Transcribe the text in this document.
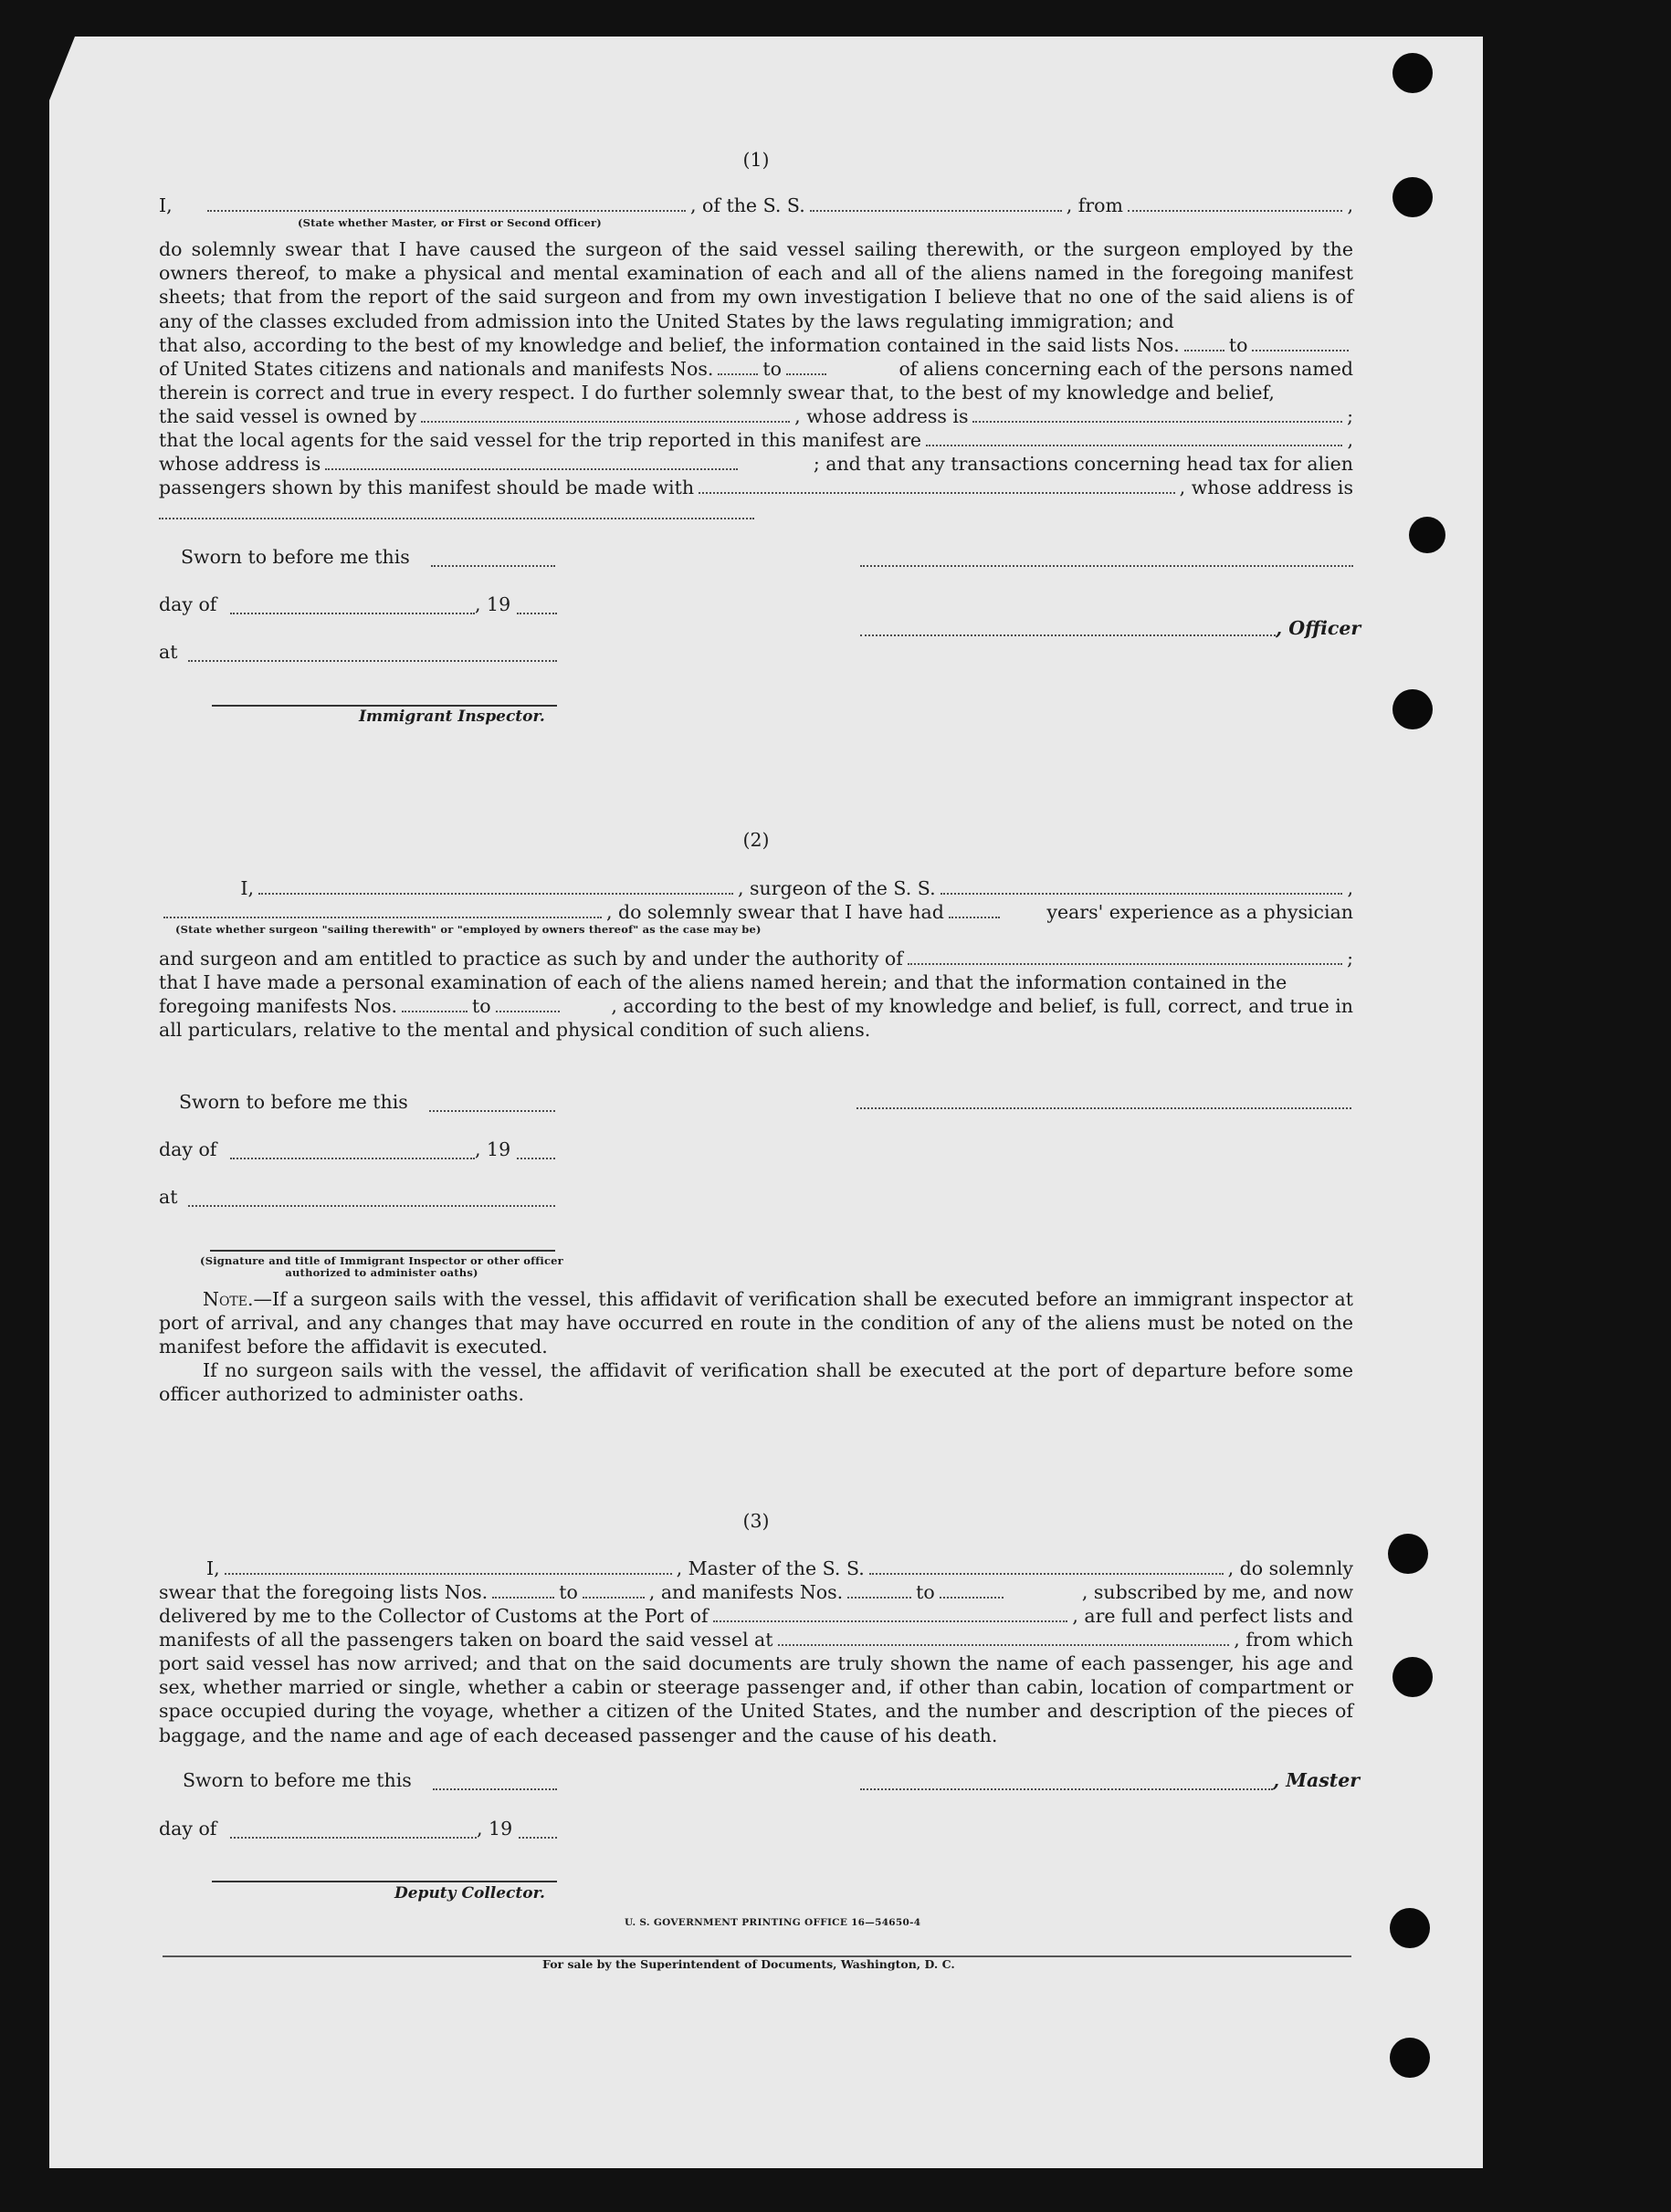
(1)
I,	, of the S. S.	, from	,
(State whether Master, or First or Second Officer)
do solemnly swear that I have caused the surgeon of the said vessel sailing therewith, or the surgeon employed by the owners thereof, to make a physical and mental examination of each and all of the aliens named in the foregoing manifest sheets; that from the report of the said surgeon and from my own investigation I believe that no one of the said aliens is of any of the classes excluded from admission into the United States by the laws regulating immigration; and
that also, according to the best of my knowledge and belief, the information contained in the said lists Nos.	to
of United States citizens and nationals and manifests Nos.	to	of aliens concerning each of the persons named
therein is correct and true in every respect. I do further solemnly swear that, to the best of my knowledge and belief,
the said vessel is owned by	, whose address is	;
that the local agents for the said vessel for the trip reported in this manifest are	,
whose address is	; and that any transactions concerning head tax for alien
passengers shown by this manifest should be made with	, whose address is
Sworn to before me this
day of	, 19
, Officer
at
Immigrant Inspector.
(2)
I,	, surgeon of the S. S.	,
, do solemnly swear that I have had	years' experience as a physician
(State whether surgeon "sailing therewith" or "employed by owners thereof" as the case may be)
and surgeon and am entitled to practice as such by and under the authority of	;
that I have made a personal examination of each of the aliens named herein; and that the information contained in the
foregoing manifests Nos.	to	, according to the best of my knowledge and belief, is full, correct, and true in
all particulars, relative to the mental and physical condition of such aliens.
Sworn to before me this
day of	, 19
at
(Signature and title of Immigrant Inspector or other officer authorized to administer oaths)
Note.—If a surgeon sails with the vessel, this affidavit of verification shall be executed before an immigrant inspector at port of arrival, and any changes that may have occurred en route in the condition of any of the aliens must be noted on the manifest before the affidavit is executed.
If no surgeon sails with the vessel, the affidavit of verification shall be executed at the port of departure before some officer authorized to administer oaths.
(3)
I,	, Master of the S. S.	, do solemnly
swear that the foregoing lists Nos.	to	, and manifests Nos.	to	, subscribed by me, and now
delivered by me to the Collector of Customs at the Port of	, are full and perfect lists and
manifests of all the passengers taken on board the said vessel at	, from which
port said vessel has now arrived; and that on the said documents are truly shown the name of each passenger, his age and sex, whether married or single, whether a cabin or steerage passenger and, if other than cabin, location of compartment or space occupied during the voyage, whether a citizen of the United States, and the number and description of the pieces of baggage, and the name and age of each deceased passenger and the cause of his death.
Sworn to before me this	, Master
day of	, 19
Deputy Collector.
U. S. GOVERNMENT PRINTING OFFICE 16—54650-4
For sale by the Superintendent of Documents, Washington, D. C.
